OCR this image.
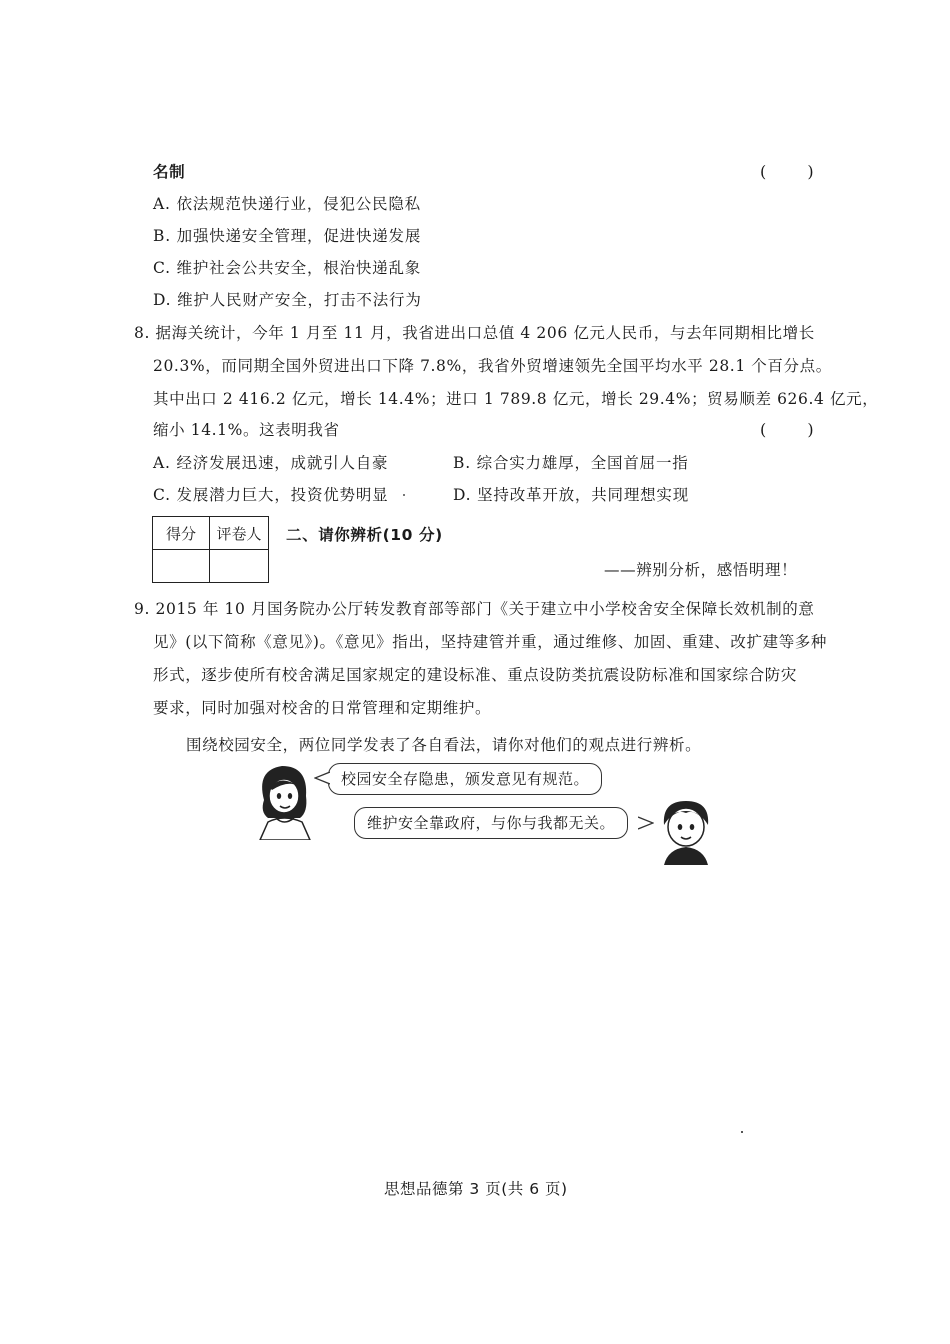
名制	( )
A. 依法规范快递行业，侵犯公民隐私
B. 加强快递安全管理，促进快递发展
C. 维护社会公共安全，根治快递乱象
D. 维护人民财产安全，打击不法行为
8. 据海关统计，今年 1 月至 11 月，我省进出口总值 4 206 亿元人民币，与去年同期相比增长
20.3%，而同期全国外贸进出口下降 7.8%，我省外贸增速领先全国平均水平 28.1 个百分点。
其中出口 2 416.2 亿元，增长 14.4%；进口 1 789.8 亿元，增长 29.4%；贸易顺差 626.4 亿元，
缩小 14.1%。这表明我省	( )
A. 经济发展迅速，成就引人自豪	B. 综合实力雄厚，全国首屈一指
C. 发展潜力巨大，投资优势明显	D. 坚持改革开放，共同理想实现
得分	评卷人
	二、请你辨析(10 分)
——辨别分析，感悟明理！
9. 2015 年 10 月国务院办公厅转发教育部等部门《关于建立中小学校舍安全保障长效机制的意
见》(以下简称《意见》)。《意见》指出，坚持建管并重，通过维修、加固、重建、改扩建等多种
形式，逐步使所有校舍满足国家规定的建设标准、重点设防类抗震设防标准和国家综合防灾
要求，同时加强对校舍的日常管理和定期维护。
围绕校园安全，两位同学发表了各自看法，请你对他们的观点进行辨析。
校园安全存隐患，颁发意见有规范。
维护安全靠政府，与你与我都无关。
思想品德第 3 页(共 6 页)
